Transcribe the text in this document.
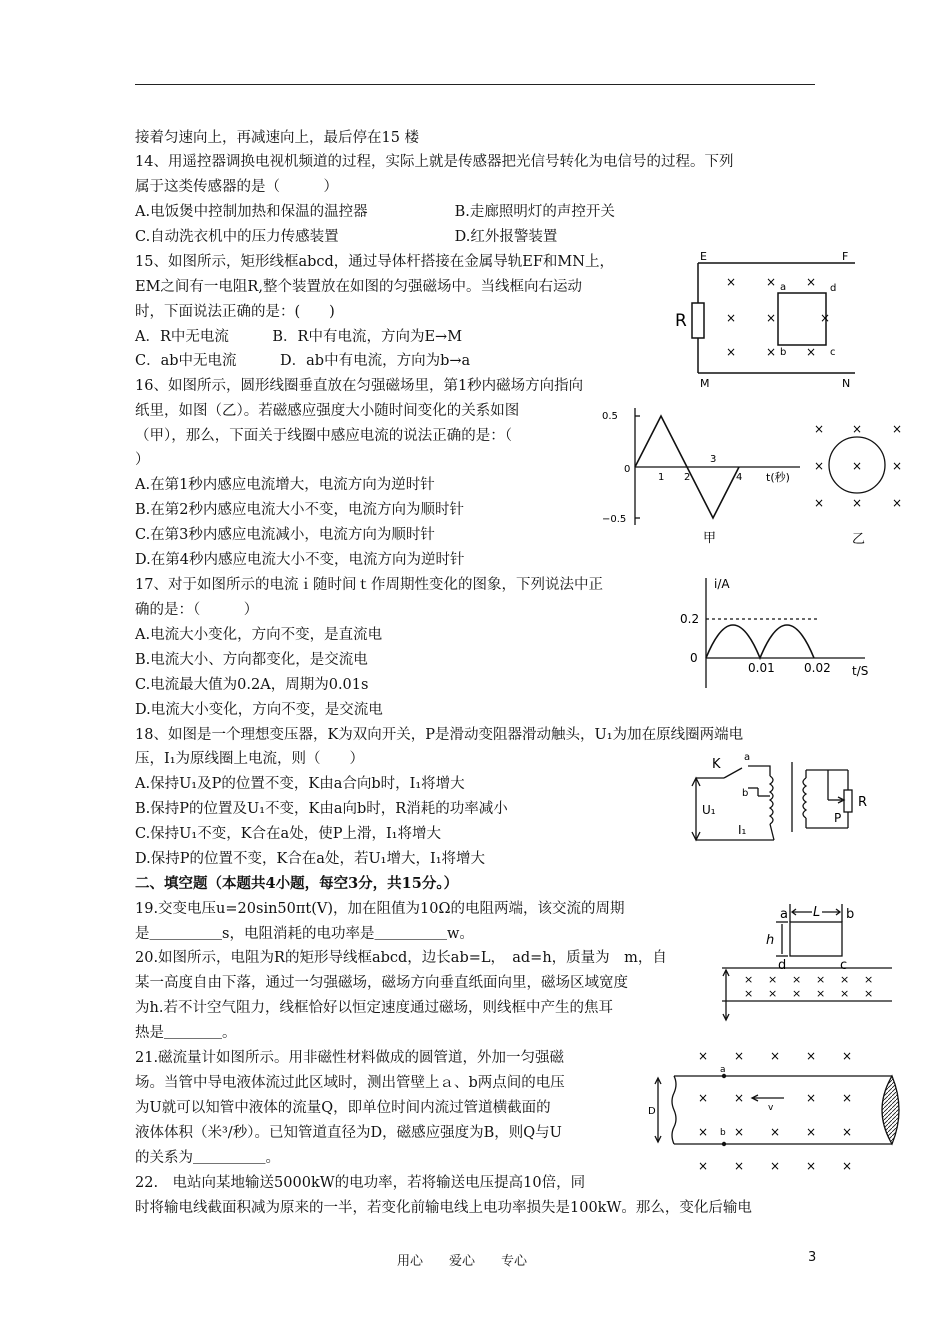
接着匀速向上，再减速向上，最后停在15 楼
14、用遥控器调换电视机频道的过程，实际上就是传感器把光信号转化为电信号的过程。下列
属于这类传感器的是（　　　）
A.电饭煲中控制加热和保温的温控器　　　　　　B.走廊照明灯的声控开关
C.自动洗衣机中的压力传感装置　　　　　　　　D.红外报警装置
15、如图所示，矩形线框abcd，通过导体杆搭接在金属导轨EF和MN上，
EM之间有一电阻R,整个装置放在如图的匀强磁场中。当线框向右运动
时，下面说法正确的是：(　　)
A．R中无电流　　　B．R中有电流，方向为E→M
C．ab中无电流　　　D．ab中有电流，方向为b→a
16、如图所示，圆形线圈垂直放在匀强磁场里，第1秒内磁场方向指向
纸里，如图（乙）。若磁感应强度大小随时间变化的关系如图
（甲），那么，下面关于线圈中感应电流的说法正确的是：（
）
A.在第1秒内感应电流增大，电流方向为逆时针
B.在第2秒内感应电流大小不变，电流方向为顺时针
C.在第3秒内感应电流减小，电流方向为顺时针
D.在第4秒内感应电流大小不变，电流方向为逆时针
17、对于如图所示的电流ｉ随时间ｔ作周期性变化的图象，下列说法中正
确的是：（　　　）
A.电流大小变化，方向不变，是直流电
B.电流大小、方向都变化，是交流电
C.电流最大值为0.2A，周期为0.01s
D.电流大小变化，方向不变，是交流电
18、如图是一个理想变压器，K为双向开关，P是滑动变阻器滑动触头，U₁为加在原线圈两端电
压，I₁为原线圈上电流，则（　　）
A.保持U₁及P的位置不变，K由a合向b时，I₁将增大
B.保持P的位置及U₁不变，K由a向b时，R消耗的功率减小
C.保持U₁不变，K合在a处，使P上滑，I₁将增大
D.保持P的位置不变，K合在a处，若U₁增大，I₁将增大
二、填空题（本题共4小题，每空3分，共15分。）
19.交变电压u=20sin50πt(V)，加在阻值为10Ω的电阻两端，该交流的周期
是＿＿＿＿＿s，电阻消耗的电功率是＿＿＿＿＿w。
20.如图所示，电阻为R的矩形导线框abcd，边长ab=L，　ad=h，质量为　m，自
某一高度自由下落，通过一匀强磁场，磁场方向垂直纸面向里，磁场区域宽度
为h.若不计空气阻力，线框恰好以恒定速度通过磁场，则线框中产生的焦耳
热是＿＿＿＿。
21.磁流量计如图所示。用非磁性材料做成的圆管道，外加一匀强磁
场。当管中导电液体流过此区域时，测出管壁上ａ、b两点间的电压
为U就可以知管中液体的流量Q，即单位时间内流过管道横截面的
液体体积（米³/秒）。已知管道直径为D，磁感应强度为B，则Q与U
的关系为＿＿＿＿＿。
22.　电站向某地输送5000kW的电功率，若将输送电压提高10倍，同
时将输电线截面积减为原来的一半，若变化前输电线上电功率损失是100kW。那么，变化后输电
E	F
M	N
R
a
b	c
d
× × ×
× ×	×
× × ×
0.5
0
−0.5
1 2
3
4 t(秒)
甲
× × ×
× × ×
× × ×
乙
i/A
0.2
0
0.01 0.02 t/S
K a
b
U₁
I₁
P
R
a	b
c
d
L
h
× × × × × ×
× × × × × ×
a
b
D	v
× × × × ×
× ×	× ×
× × × × ×
× × × × ×
用心　　爱心　　专心	3
